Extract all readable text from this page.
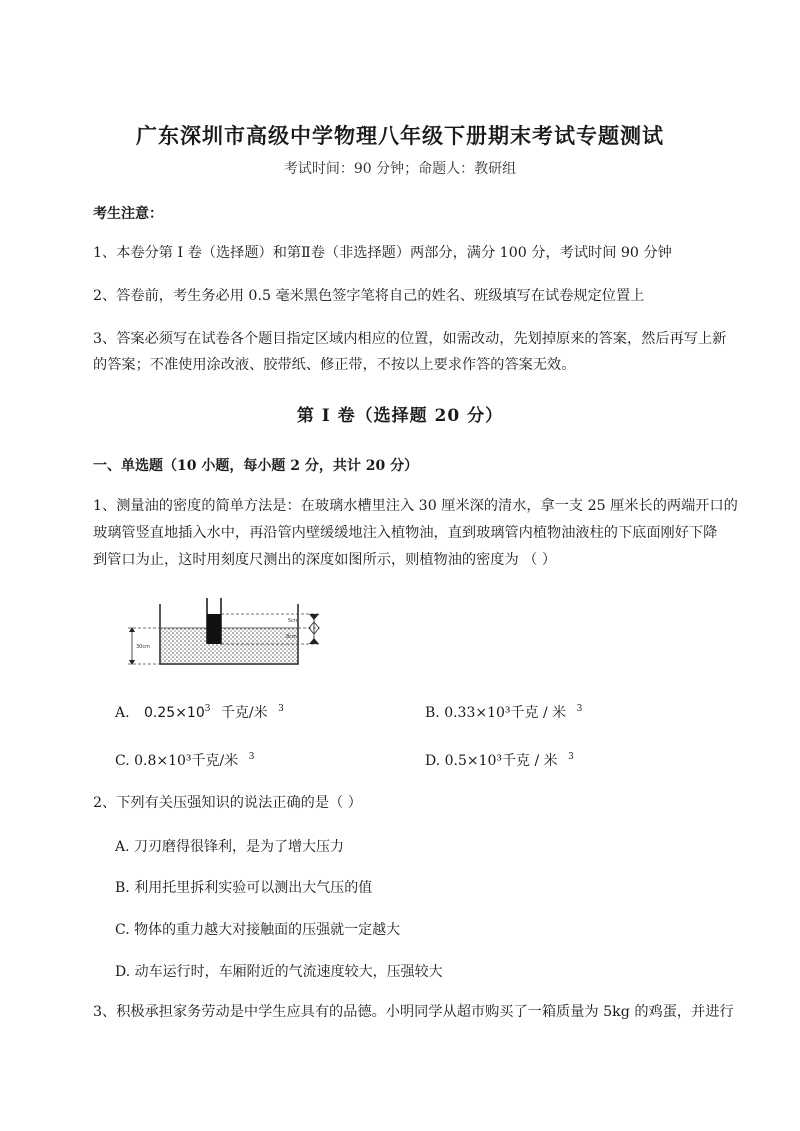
广东深圳市高级中学物理八年级下册期末考试专题测试
考试时间：90 分钟；命题人：教研组
考生注意：
1、本卷分第 I 卷（选择题）和第Ⅱ卷（非选择题）两部分，满分 100 分，考试时间 90 分钟
2、答卷前，考生务必用 0.5 毫米黑色签字笔将自己的姓名、班级填写在试卷规定位置上
3、答案必须写在试卷各个题目指定区域内相应的位置，如需改动，先划掉原来的答案，然后再写上新
的答案；不准使用涂改液、胶带纸、修正带，不按以上要求作答的答案无效。
第 I 卷（选择题 20 分）
一、单选题（10 小题，每小题 2 分，共计 20 分）
1、测量油的密度的简单方法是：在玻璃水槽里注入 30 厘米深的清水，拿一支 25 厘米长的两端开口的
玻璃管竖直地插入水中，再沿管内壁缓缓地注入植物油，直到玻璃管内植物油液柱的下底面刚好下降
到管口为止，这时用刻度尺测出的深度如图所示，则植物油的密度为 （ ）
30cm
5cm
8cm
A. $0.25\times 10^3$ 千克/米 $^3$	B. 0.33×10³千克 / 米 $^3$
C. 0.8×10³千克/米 $^3$	D. 0.5×10³千克 / 米 $^3$
2、下列有关压强知识的说法正确的是（ ）
A. 刀刃磨得很锋利，是为了增大压力
B. 利用托里拆利实验可以测出大气压的值
C. 物体的重力越大对接触面的压强就一定越大
D. 动车运行时，车厢附近的气流速度较大，压强较大
3、积极承担家务劳动是中学生应具有的品德。小明同学从超市购买了一箱质量为 5kg 的鸡蛋，并进行
